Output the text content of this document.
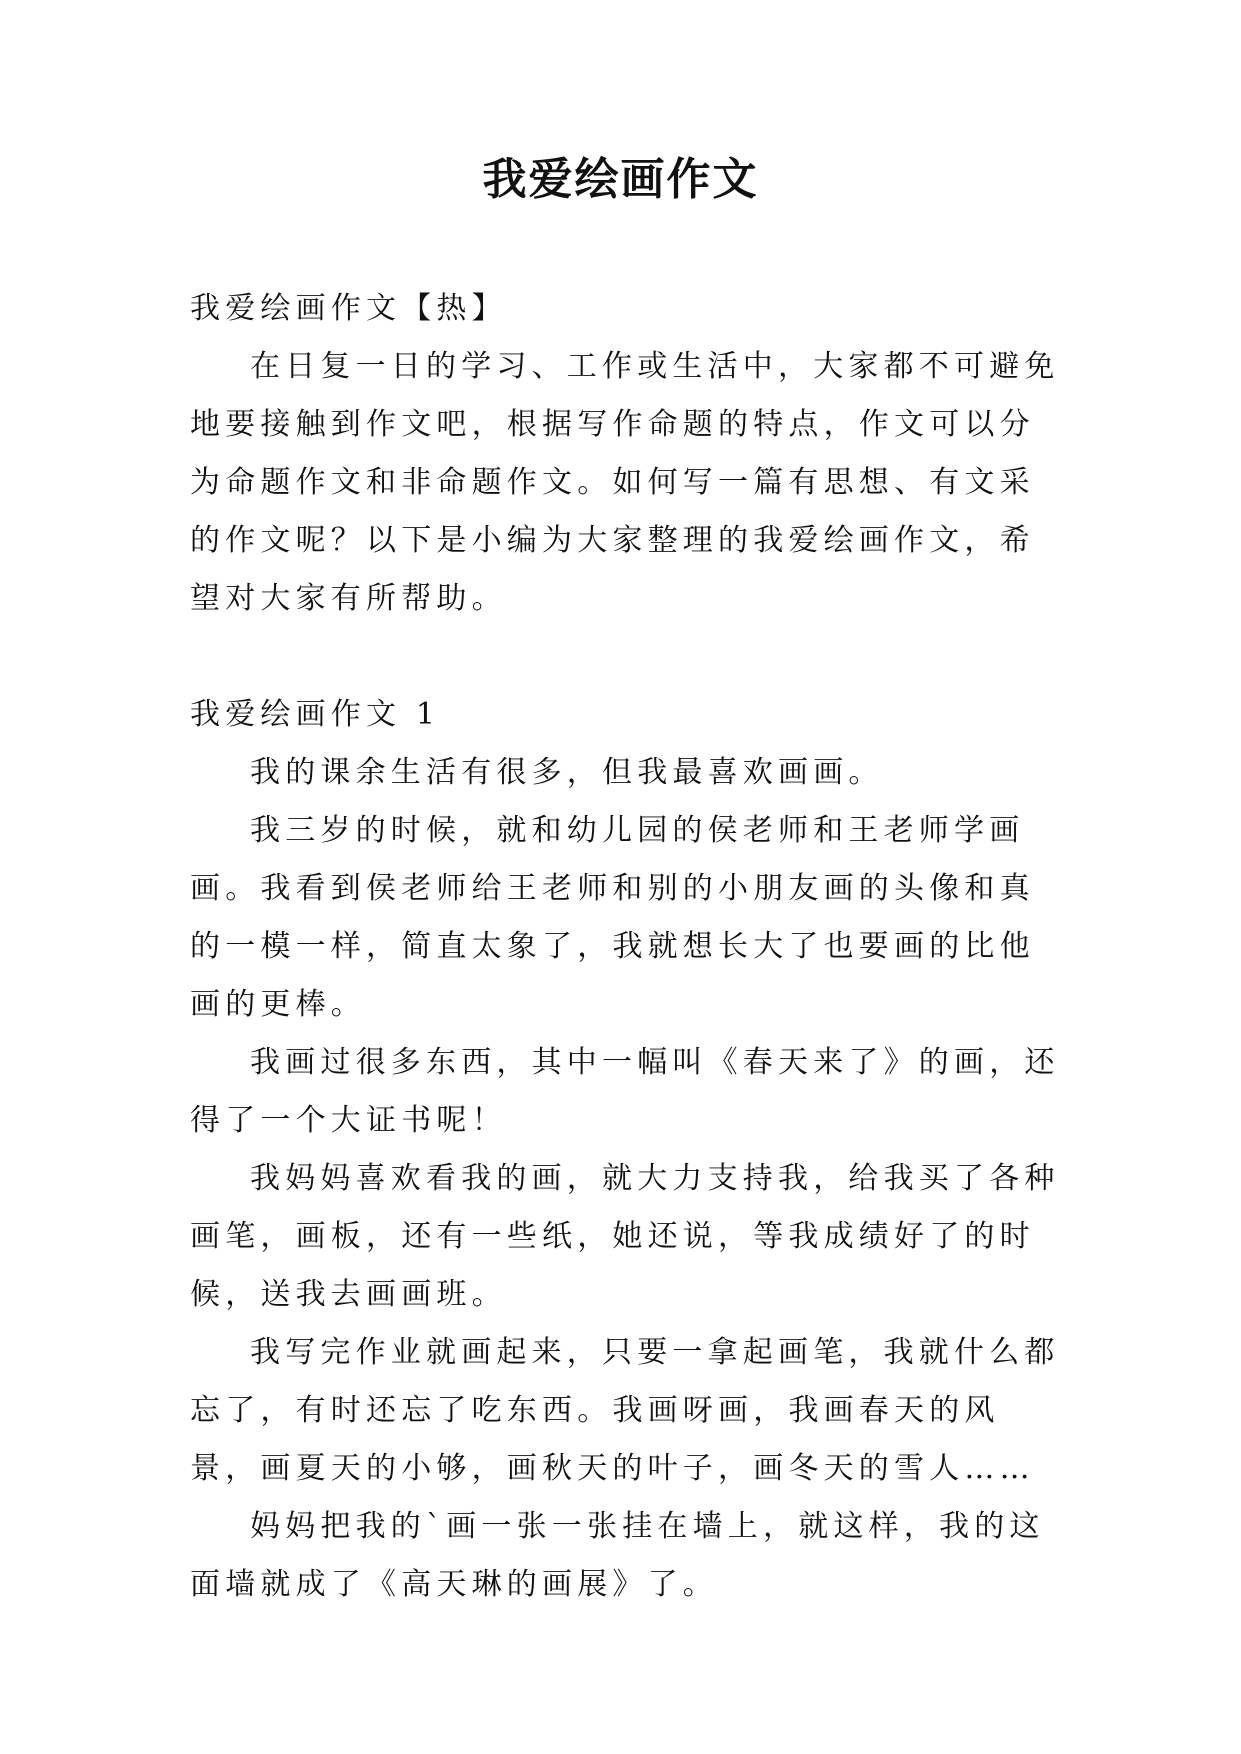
我爱绘画作文

我爱绘画作文【热】

在日复一日的学习、工作或生活中，大家都不可避免地要接触到作文吧，根据写作命题的特点，作文可以分为命题作文和非命题作文。如何写一篇有思想、有文采的作文呢？以下是小编为大家整理的我爱绘画作文，希望对大家有所帮助。

我爱绘画作文 1

我的课余生活有很多，但我最喜欢画画。

我三岁的时候，就和幼儿园的侯老师和王老师学画画。我看到侯老师给王老师和别的小朋友画的头像和真的一模一样，简直太象了，我就想长大了也要画的比他画的更棒。

我画过很多东西，其中一幅叫《春天来了》的画，还得了一个大证书呢！

我妈妈喜欢看我的画，就大力支持我，给我买了各种画笔，画板，还有一些纸，她还说，等我成绩好了的时候，送我去画画班。

我写完作业就画起来，只要一拿起画笔，我就什么都忘了，有时还忘了吃东西。我画呀画，我画春天的风景，画夏天的小够，画秋天的叶子，画冬天的雪人……

妈妈把我的`画一张一张挂在墙上，就这样，我的这面墙就成了《高天琳的画展》了。
